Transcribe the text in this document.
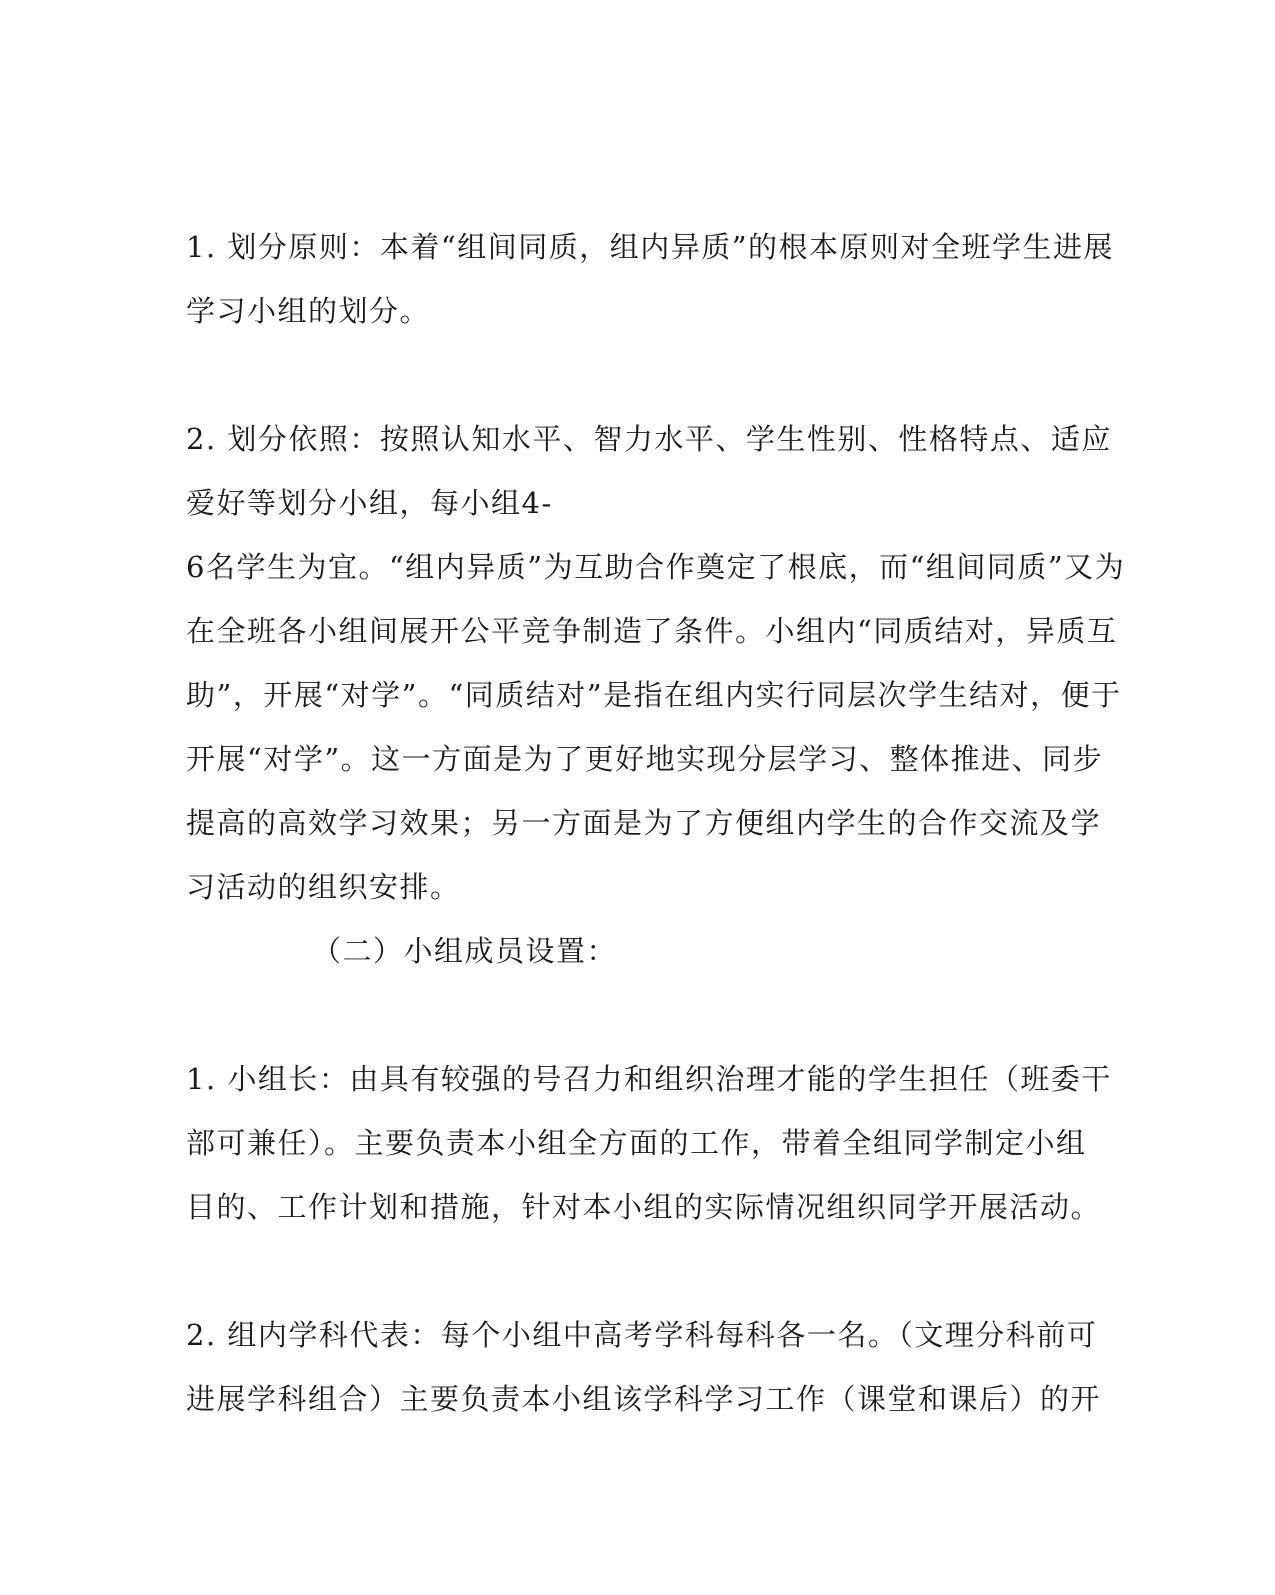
1. 划分原则：本着“组间同质，组内异质”的根本原则对全班学生进展
学习小组的划分。
2. 划分依照：按照认知水平、智力水平、学生性别、性格特点、适应
爱好等划分小组，每小组4-
6名学生为宜。“组内异质”为互助合作奠定了根底，而“组间同质”又为
在全班各小组间展开公平竞争制造了条件。小组内“同质结对，异质互
助”，开展“对学”。“同质结对”是指在组内实行同层次学生结对，便于
开展“对学”。这一方面是为了更好地实现分层学习、整体推进、同步
提高的高效学习效果；另一方面是为了方便组内学生的合作交流及学
习活动的组织安排。
（二）小组成员设置：
1. 小组长：由具有较强的号召力和组织治理才能的学生担任（班委干
部可兼任）。主要负责本小组全方面的工作，带着全组同学制定小组
目的、工作计划和措施，针对本小组的实际情况组织同学开展活动。
2. 组内学科代表：每个小组中高考学科每科各一名。（文理分科前可
进展学科组合）主要负责本小组该学科学习工作（课堂和课后）的开
